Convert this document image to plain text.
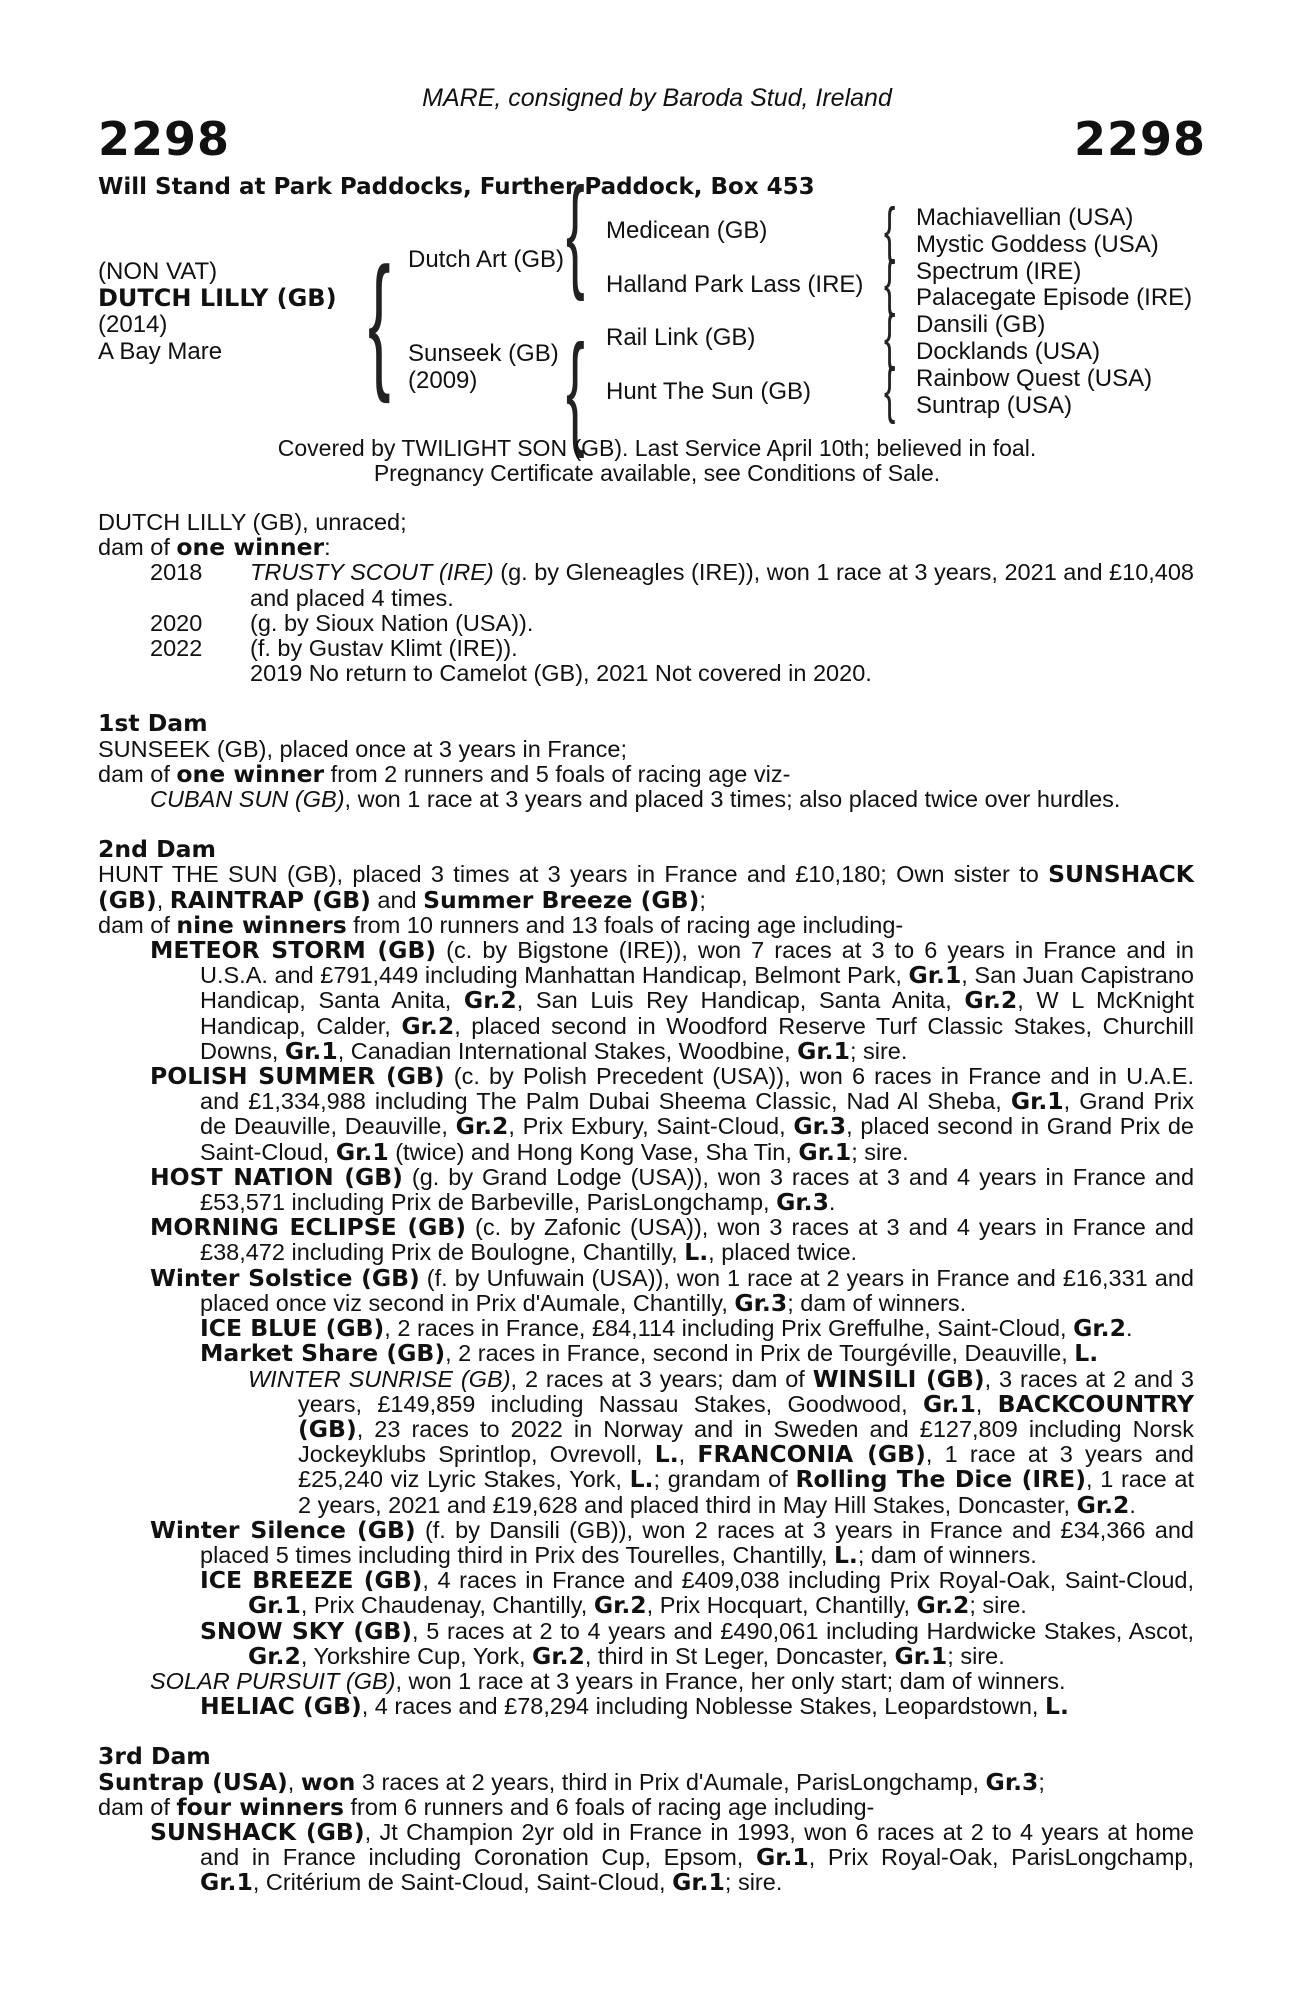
MARE, consigned by Baroda Stud, Ireland
2298	2298
Will Stand at Park Paddocks, Further Paddock, Box 453
(NON VAT)
DUTCH LILLY (GB)
(2014)
A Bay Mare { Dutch Art (GB)
Sunseek (GB)
(2009)
{
{
Medicean (GB)
Halland Park Lass (IRE)
Rail Link (GB)
Hunt The Sun (GB)
{
{
{
{
Machiavellian (USA)
Mystic Goddess (USA)
Spectrum (IRE)
Palacegate Episode (IRE)
Dansili (GB)
Docklands (USA)
Rainbow Quest (USA)
Suntrap (USA)
Covered by TWILIGHT SON (GB). Last Service April 10th; believed in foal.
Pregnancy Certificate available, see Conditions of Sale.

DUTCH LILLY (GB), unraced;

dam of one winner:

2018 TRUSTY SCOUT (IRE) (g. by Gleneagles (IRE)), won 1 race at 3 years, 2021 and £10,408 and placed 4 times.

2020 (g. by Sioux Nation (USA)).

2022 (f. by Gustav Klimt (IRE)).

2019 No return to Camelot (GB), 2021 Not covered in 2020.

1st Dam

SUNSEEK (GB), placed once at 3 years in France;

dam of one winner from 2 runners and 5 foals of racing age viz-

CUBAN SUN (GB), won 1 race at 3 years and placed 3 times; also placed twice over hurdles.

2nd Dam

HUNT THE SUN (GB), placed 3 times at 3 years in France and £10,180; Own sister to SUNSHACK (GB), RAINTRAP (GB) and Summer Breeze (GB);

dam of nine winners from 10 runners and 13 foals of racing age including-

METEOR STORM (GB) (c. by Bigstone (IRE)), won 7 races at 3 to 6 years in France and in U.S.A. and £791,449 including Manhattan Handicap, Belmont Park, Gr.1, San Juan Capistrano Handicap, Santa Anita, Gr.2, San Luis Rey Handicap, Santa Anita, Gr.2, W L McKnight Handicap, Calder, Gr.2, placed second in Woodford Reserve Turf Classic Stakes, Churchill Downs, Gr.1, Canadian International Stakes, Woodbine, Gr.1; sire.

POLISH SUMMER (GB) (c. by Polish Precedent (USA)), won 6 races in France and in U.A.E. and £1,334,988 including The Palm Dubai Sheema Classic, Nad Al Sheba, Gr.1, Grand Prix de Deauville, Deauville, Gr.2, Prix Exbury, Saint-Cloud, Gr.3, placed second in Grand Prix de Saint-Cloud, Gr.1 (twice) and Hong Kong Vase, Sha Tin, Gr.1; sire.

HOST NATION (GB) (g. by Grand Lodge (USA)), won 3 races at 3 and 4 years in France and £53,571 including Prix de Barbeville, ParisLongchamp, Gr.3.

MORNING ECLIPSE (GB) (c. by Zafonic (USA)), won 3 races at 3 and 4 years in France and £38,472 including Prix de Boulogne, Chantilly, L., placed twice.

Winter Solstice (GB) (f. by Unfuwain (USA)), won 1 race at 2 years in France and £16,331 and placed once viz second in Prix d'Aumale, Chantilly, Gr.3; dam of winners.

ICE BLUE (GB), 2 races in France, £84,114 including Prix Greffulhe, Saint-Cloud, Gr.2.

Market Share (GB), 2 races in France, second in Prix de Tourgéville, Deauville, L.

WINTER SUNRISE (GB), 2 races at 3 years; dam of WINSILI (GB), 3 races at 2 and 3 years, £149,859 including Nassau Stakes, Goodwood, Gr.1, BACKCOUNTRY (GB), 23 races to 2022 in Norway and in Sweden and £127,809 including Norsk Jockeyklubs Sprintlop, Ovrevoll, L., FRANCONIA (GB), 1 race at 3 years and £25,240 viz Lyric Stakes, York, L.; grandam of Rolling The Dice (IRE), 1 race at 2 years, 2021 and £19,628 and placed third in May Hill Stakes, Doncaster, Gr.2.

Winter Silence (GB) (f. by Dansili (GB)), won 2 races at 3 years in France and £34,366 and placed 5 times including third in Prix des Tourelles, Chantilly, L.; dam of winners.

ICE BREEZE (GB), 4 races in France and £409,038 including Prix Royal-Oak, Saint-Cloud, Gr.1, Prix Chaudenay, Chantilly, Gr.2, Prix Hocquart, Chantilly, Gr.2; sire.

SNOW SKY (GB), 5 races at 2 to 4 years and £490,061 including Hardwicke Stakes, Ascot, Gr.2, Yorkshire Cup, York, Gr.2, third in St Leger, Doncaster, Gr.1; sire.

SOLAR PURSUIT (GB), won 1 race at 3 years in France, her only start; dam of winners.

HELIAC (GB), 4 races and £78,294 including Noblesse Stakes, Leopardstown, L.

3rd Dam

Suntrap (USA), won 3 races at 2 years, third in Prix d'Aumale, ParisLongchamp, Gr.3;

dam of four winners from 6 runners and 6 foals of racing age including-

SUNSHACK (GB), Jt Champion 2yr old in France in 1993, won 6 races at 2 to 4 years at home and in France including Coronation Cup, Epsom, Gr.1, Prix Royal-Oak, ParisLongchamp, Gr.1, Critérium de Saint-Cloud, Saint-Cloud, Gr.1; sire.
